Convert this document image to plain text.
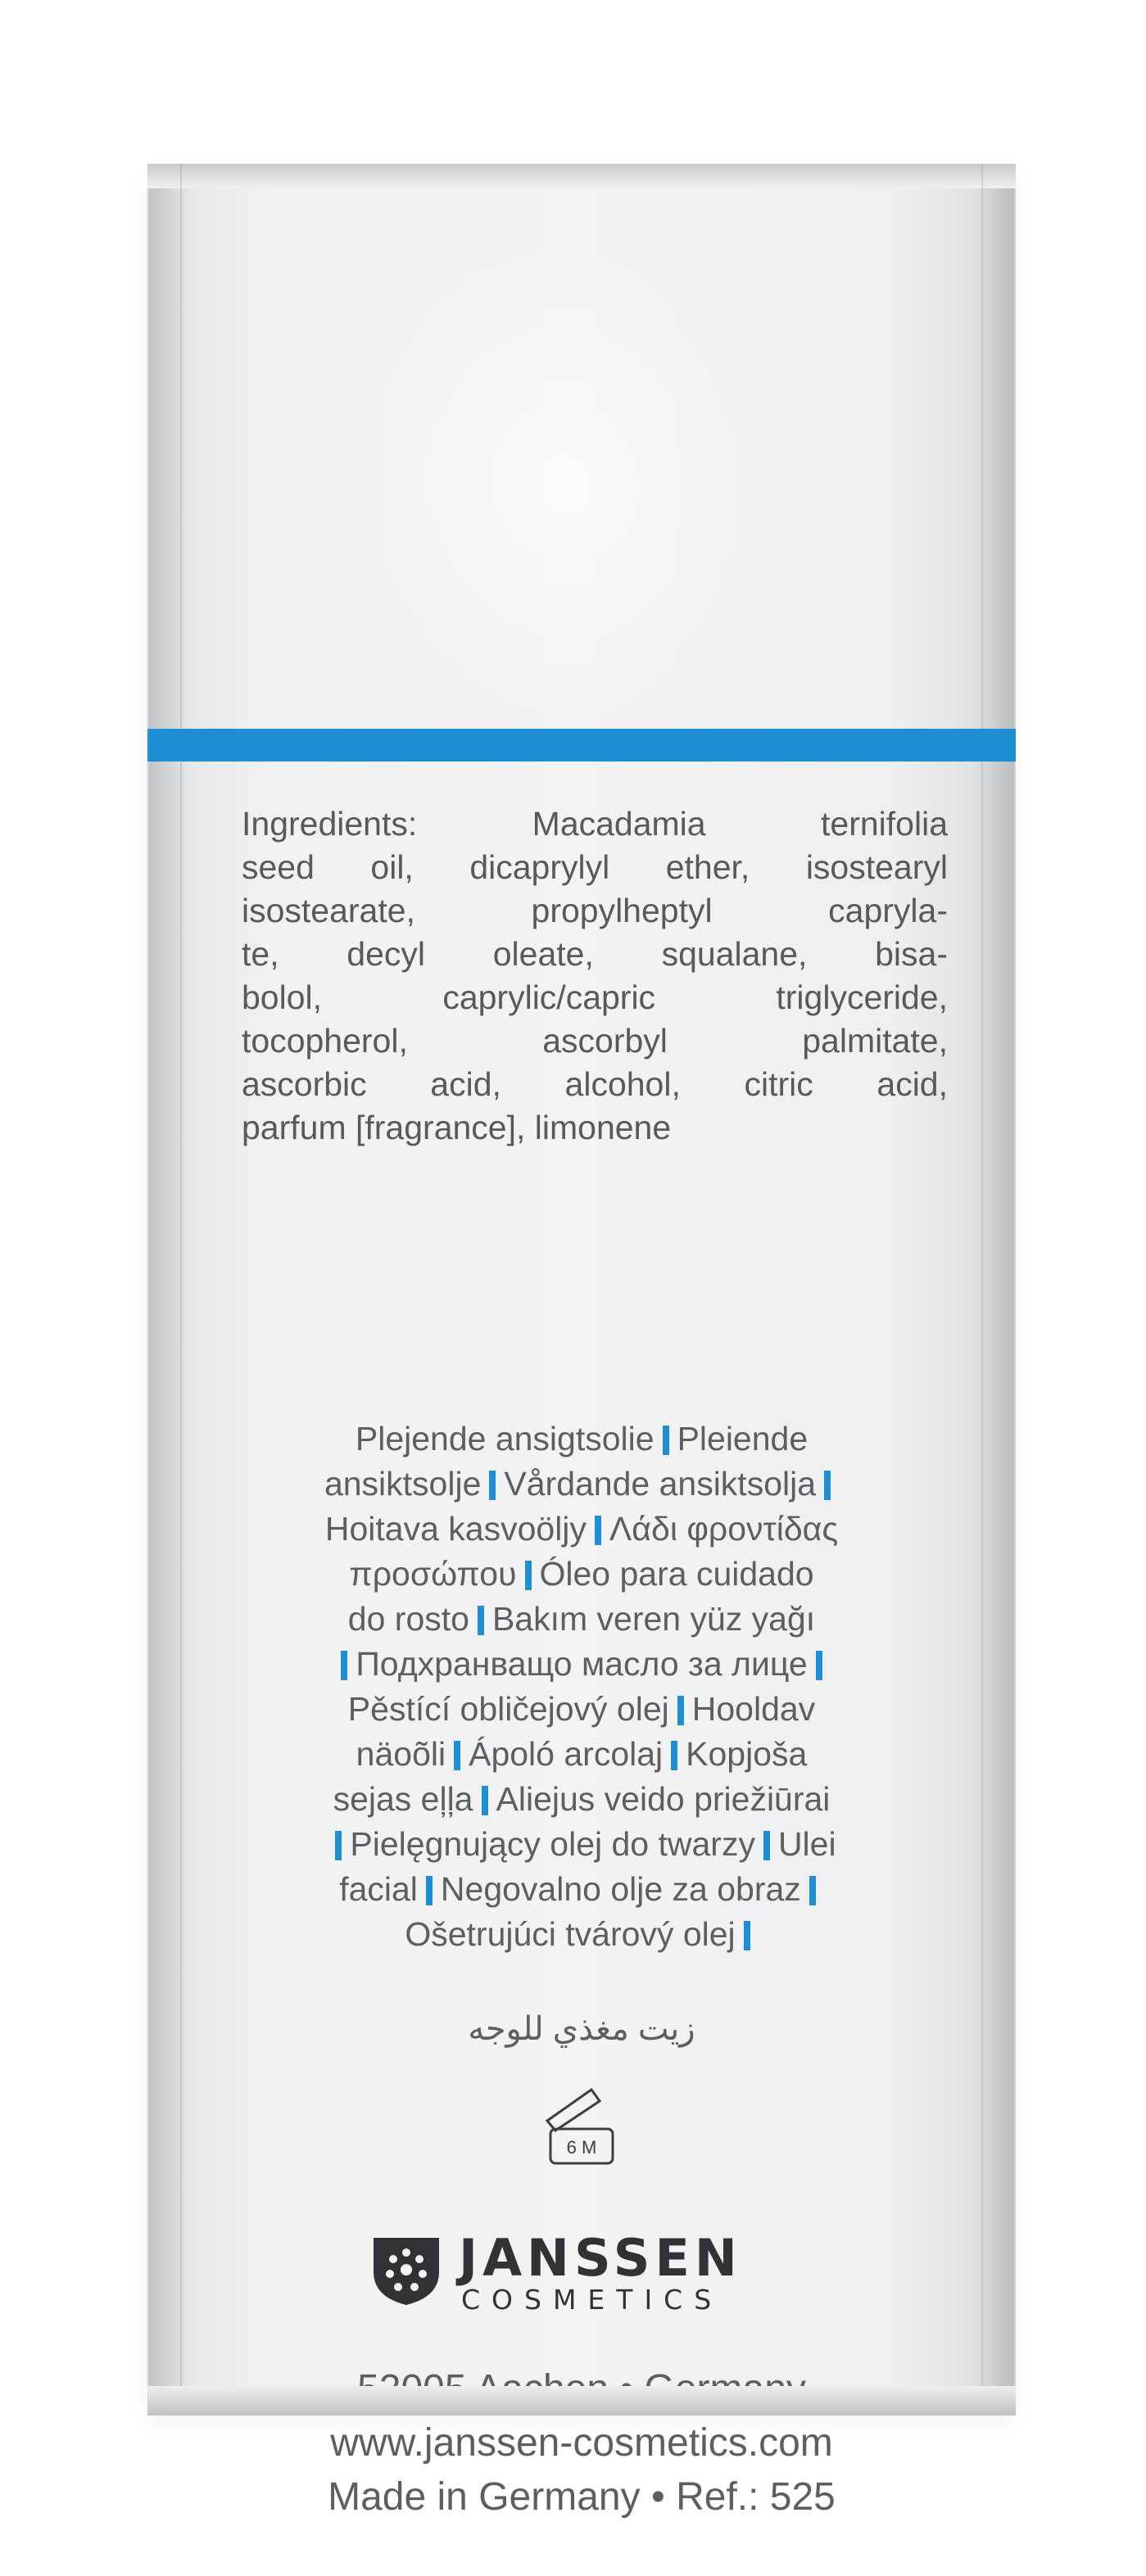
Ingredients: Macadamia ternifolia
seed oil, dicaprylyl ether, isostearyl
isostearate, propylheptyl capryla-
te, decyl oleate, squalane, bisa-
bolol, caprylic/capric triglyceride,
tocopherol, ascorbyl palmitate,
ascorbic acid, alcohol, citric acid,
parfum [fragrance], limonene
Plejende ansigtsolie Pleiende
ansiktsolje Vårdande ansiktsolja
Hoitava kasvoöljy Λάδι φροντίδας
προσώπου Óleo para cuidado
do rosto Bakım veren yüz yağı
Подхранващо масло за лице
Pěstící obličejový olej Hooldav
näoõli Ápoló arcolaj Kopjoša
sejas eļļa Aliejus veido priežiūrai
Pielęgnujący olej do twarzy Ulei
facial Negovalno olje za obraz
Ošetrujúci tvárový olej
زيت مغذي للوجه
6 M
JANSSEN
COSMETICS
www.janssen-cosmetics.com
Made in Germany • Ref.: 525
